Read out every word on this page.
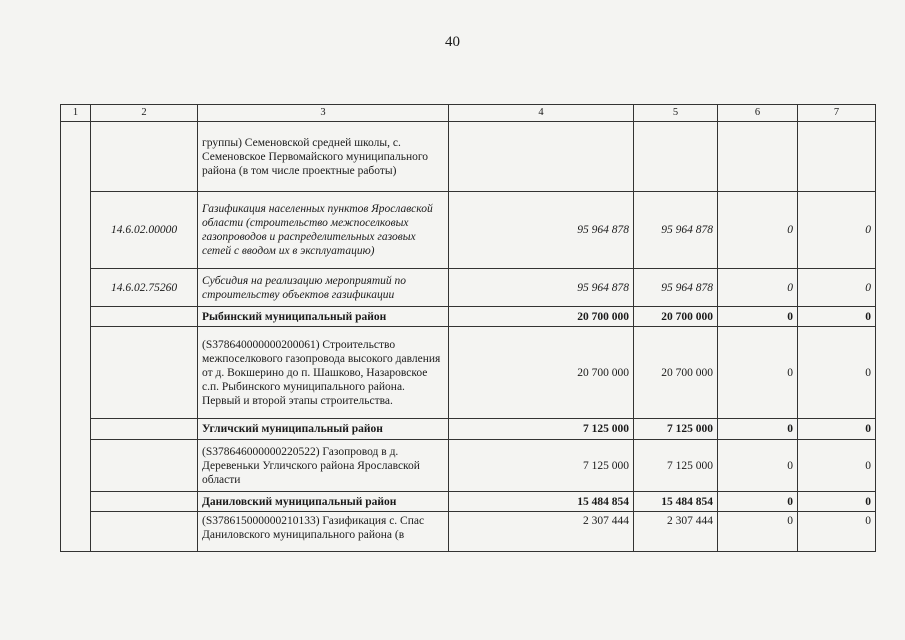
40
1	2	3	4	5	6	7
		группы) Семеновской средней школы, с. Семеновское Первомайского муниципального района (в том числе проектные работы)				
	14.6.02.00000	Газификация населенных пунктов Ярославской области (строительство межпоселковых газопроводов и распределительных газовых сетей с вводом их в эксплуатацию)	95 964 878	95 964 878	0	0
	14.6.02.75260	Субсидия на реализацию мероприятий по строительству объектов газификации	95 964 878	95 964 878	0	0
		Рыбинский муниципальный район	20 700 000	20 700 000	0	0
		(S378640000000200061) Строительство межпоселкового газопровода высокого давления от д. Вокшерино до п. Шашково, Назаровское с.п. Рыбинского муниципального района. Первый и второй этапы строительства.	20 700 000	20 700 000	0	0
		Угличский муниципальный район	7 125 000	7 125 000	0	0
		(S378646000000220522) Газопровод в д. Деревеньки Угличского района Ярославской области	7 125 000	7 125 000	0	0
		Даниловский муниципальный район	15 484 854	15 484 854	0	0
		(S378615000000210133) Газификация с. Спас Даниловского муниципального района (в	2 307 444	2 307 444	0	0
